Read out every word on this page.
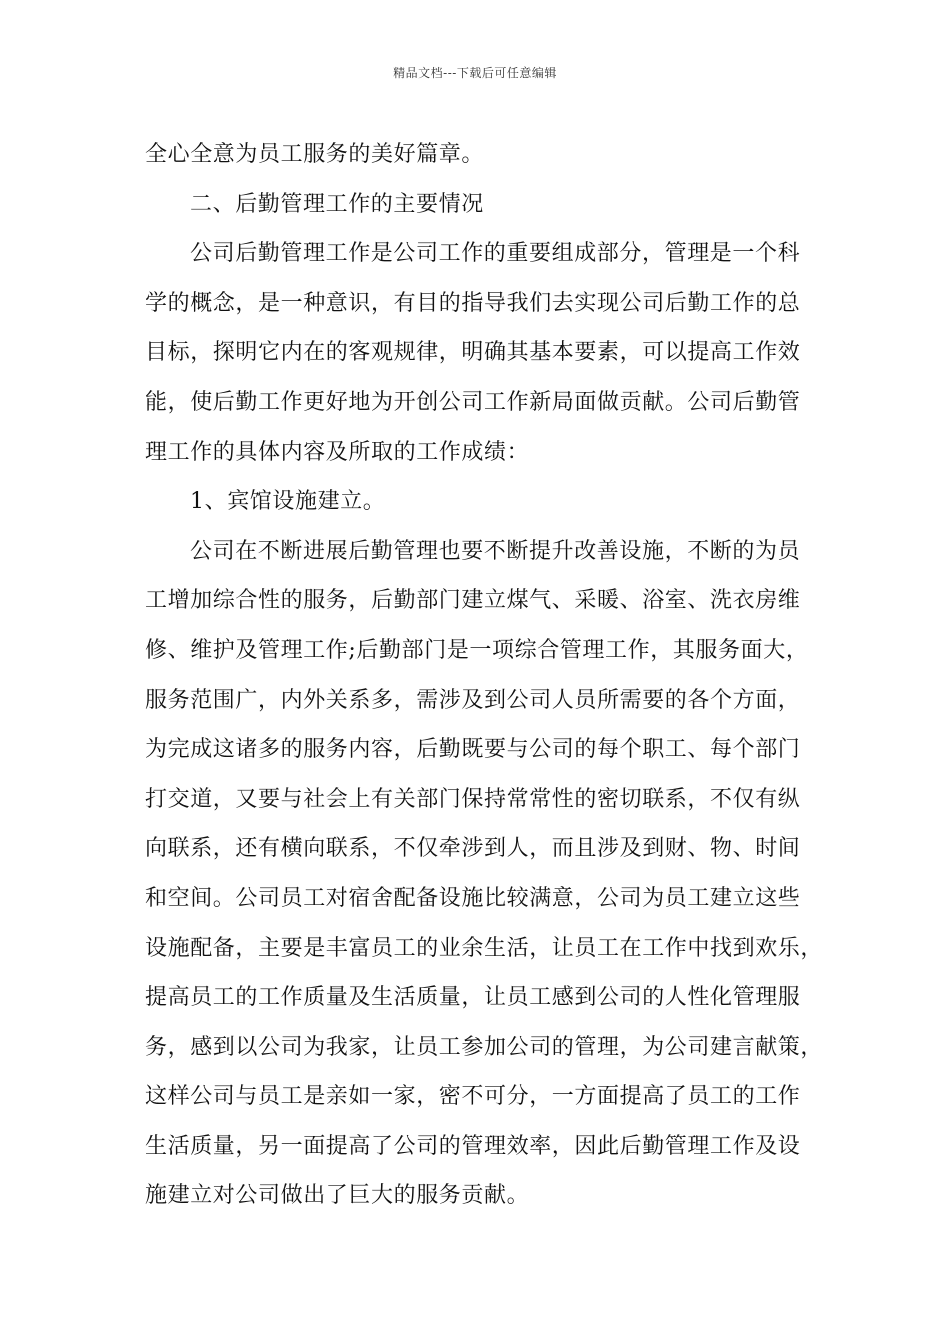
精品文档---下载后可任意编辑
全心全意为员工服务的美好篇章。
二、后勤管理工作的主要情况
公司后勤管理工作是公司工作的重要组成部分，管理是一个科
学的概念，是一种意识，有目的指导我们去实现公司后勤工作的总
目标，探明它内在的客观规律，明确其基本要素，可以提高工作效
能，使后勤工作更好地为开创公司工作新局面做贡献。公司后勤管
理工作的具体内容及所取的工作成绩：
1、宾馆设施建立。
公司在不断进展后勤管理也要不断提升改善设施，不断的为员
工增加综合性的服务，后勤部门建立煤气、采暖、浴室、洗衣房维
修、维护及管理工作;后勤部门是一项综合管理工作，其服务面大，
服务范围广，内外关系多，需涉及到公司人员所需要的各个方面，
为完成这诸多的服务内容，后勤既要与公司的每个职工、每个部门
打交道，又要与社会上有关部门保持常常性的密切联系，不仅有纵
向联系，还有横向联系，不仅牵涉到人，而且涉及到财、物、时间
和空间。公司员工对宿舍配备设施比较满意，公司为员工建立这些
设施配备，主要是丰富员工的业余生活，让员工在工作中找到欢乐，
提高员工的工作质量及生活质量，让员工感到公司的人性化管理服
务，感到以公司为我家，让员工参加公司的管理，为公司建言献策，
这样公司与员工是亲如一家，密不可分，一方面提高了员工的工作
生活质量，另一面提高了公司的管理效率，因此后勤管理工作及设
施建立对公司做出了巨大的服务贡献。
